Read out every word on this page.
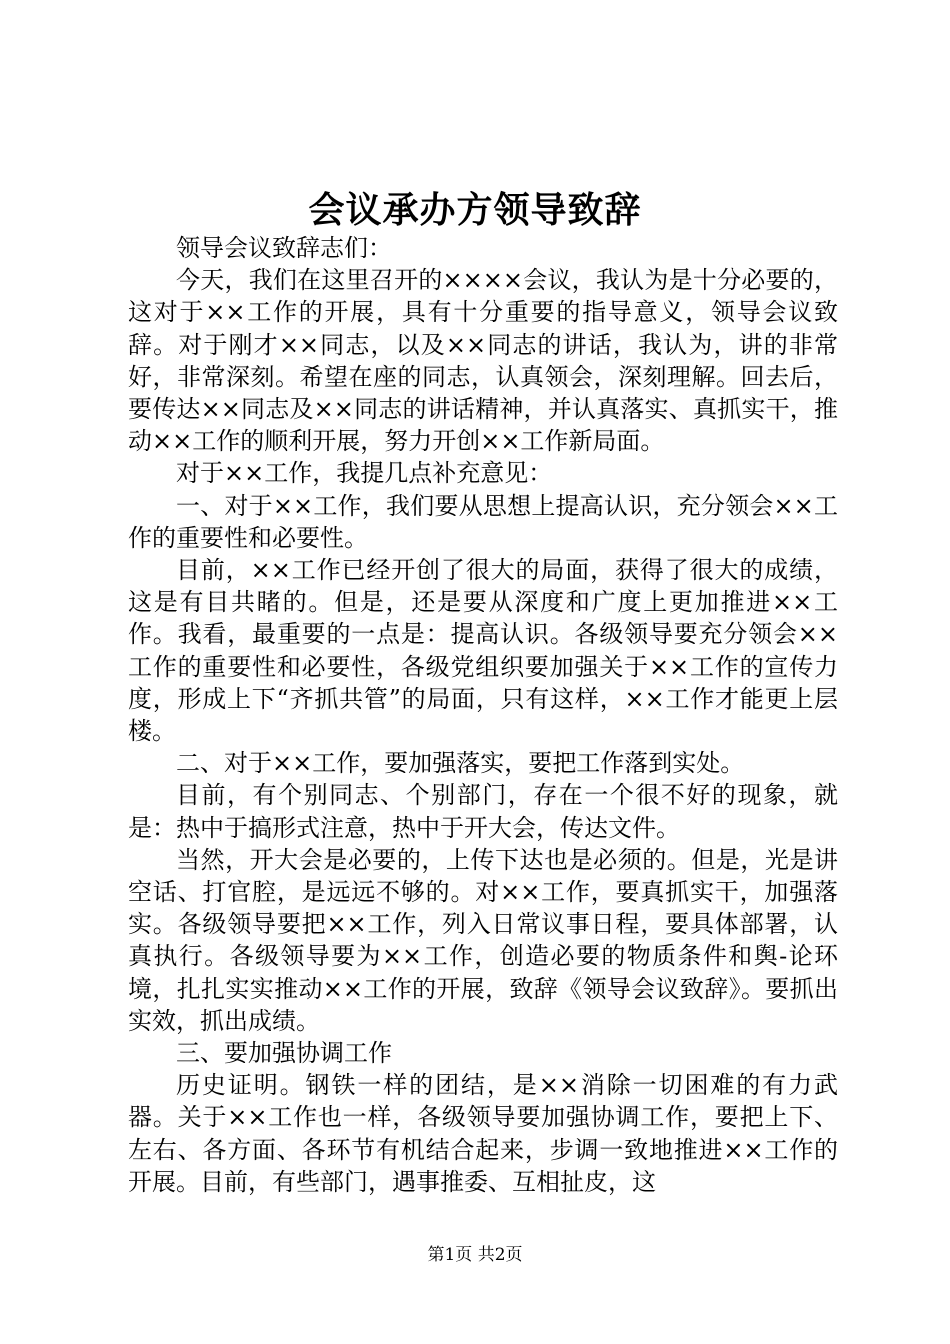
会议承办方领导致辞

领导会议致辞志们：

今天，我们在这里召开的××××会议，我认为是十分必要的，这对于××工作的开展，具有十分重要的指导意义，领导会议致辞。对于刚才××同志，以及××同志的讲话，我认为，讲的非常好，非常深刻。希望在座的同志，认真领会，深刻理解。回去后，要传达××同志及××同志的讲话精神，并认真落实、真抓实干，推动××工作的顺利开展，努力开创××工作新局面。

对于××工作，我提几点补充意见：

一、对于××工作，我们要从思想上提高认识，充分领会××工作的重要性和必要性。

目前，××工作已经开创了很大的局面，获得了很大的成绩，这是有目共睹的。但是，还是要从深度和广度上更加推进××工作。我看，最重要的一点是：提高认识。各级领导要充分领会××工作的重要性和必要性，各级党组织要加强关于××工作的宣传力度，形成上下“齐抓共管”的局面，只有这样，××工作才能更上层楼。

二、对于××工作，要加强落实，要把工作落到实处。

目前，有个别同志、个别部门，存在一个很不好的现象，就是：热中于搞形式注意，热中于开大会，传达文件。

当然，开大会是必要的，上传下达也是必须的。但是，光是讲空话、打官腔，是远远不够的。对××工作，要真抓实干，加强落实。各级领导要把××工作，列入日常议事日程，要具体部署，认真执行。各级领导要为××工作，创造必要的物质条件和舆-论环境，扎扎实实推动××工作的开展，致辞《领导会议致辞》。要抓出实效，抓出成绩。

三、要加强协调工作

历史证明。钢铁一样的团结，是××消除一切困难的有力武器。关于××工作也一样，各级领导要加强协调工作，要把上下、左右、各方面、各环节有机结合起来，步调一致地推进××工作的开展。目前，有些部门，遇事推委、互相扯皮，这

第1页 共2页
